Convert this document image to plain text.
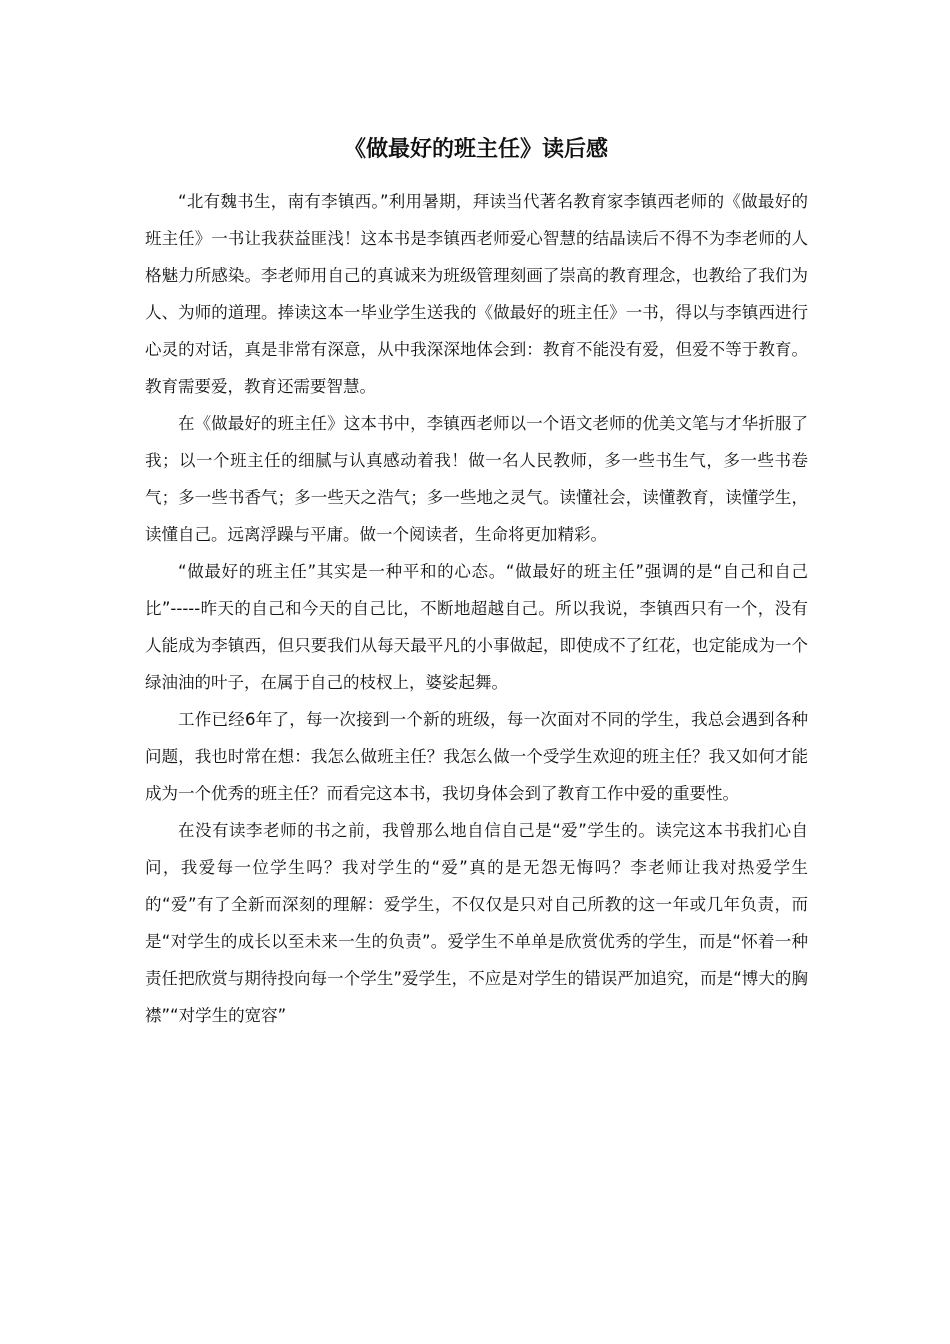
《做最好的班主任》读后感

“北有魏书生，南有李镇西。”利用暑期，拜读当代著名教育家李镇西老师的《做最好的班主任》一书让我获益匪浅！这本书是李镇西老师爱心智慧的结晶读后不得不为李老师的人格魅力所感染。李老师用自己的真诚来为班级管理刻画了崇高的教育理念，也教给了我们为人、为师的道理。捧读这本一毕业学生送我的《做最好的班主任》一书，得以与李镇西进行心灵的对话，真是非常有深意，从中我深深地体会到：教育不能没有爱，但爱不等于教育。教育需要爱，教育还需要智慧。

在《做最好的班主任》这本书中，李镇西老师以一个语文老师的优美文笔与才华折服了我；以一个班主任的细腻与认真感动着我！做一名人民教师，多一些书生气，多一些书卷气；多一些书香气；多一些天之浩气；多一些地之灵气。读懂社会，读懂教育，读懂学生，读懂自己。远离浮躁与平庸。做一个阅读者，生命将更加精彩。

“做最好的班主任”其实是一种平和的心态。“做最好的班主任”强调的是“自己和自己比”-----昨天的自己和今天的自己比，不断地超越自己。所以我说，李镇西只有一个，没有人能成为李镇西，但只要我们从每天最平凡的小事做起，即使成不了红花，也定能成为一个绿油油的叶子，在属于自己的枝杈上，婆娑起舞。

工作已经6年了，每一次接到一个新的班级，每一次面对不同的学生，我总会遇到各种问题，我也时常在想：我怎么做班主任？我怎么做一个受学生欢迎的班主任？我又如何才能成为一个优秀的班主任？而看完这本书，我切身体会到了教育工作中爱的重要性。

在没有读李老师的书之前，我曾那么地自信自己是“爱”学生的。读完这本书我扪心自问，我爱每一位学生吗？我对学生的“爱”真的是无怨无悔吗？李老师让我对热爱学生的“爱”有了全新而深刻的理解：爱学生，不仅仅是只对自己所教的这一年或几年负责，而是“对学生的成长以至未来一生的负责”。爱学生不单单是欣赏优秀的学生，而是“怀着一种责任把欣赏与期待投向每一个学生”爱学生，不应是对学生的错误严加追究，而是“博大的胸襟”“对学生的宽容”
